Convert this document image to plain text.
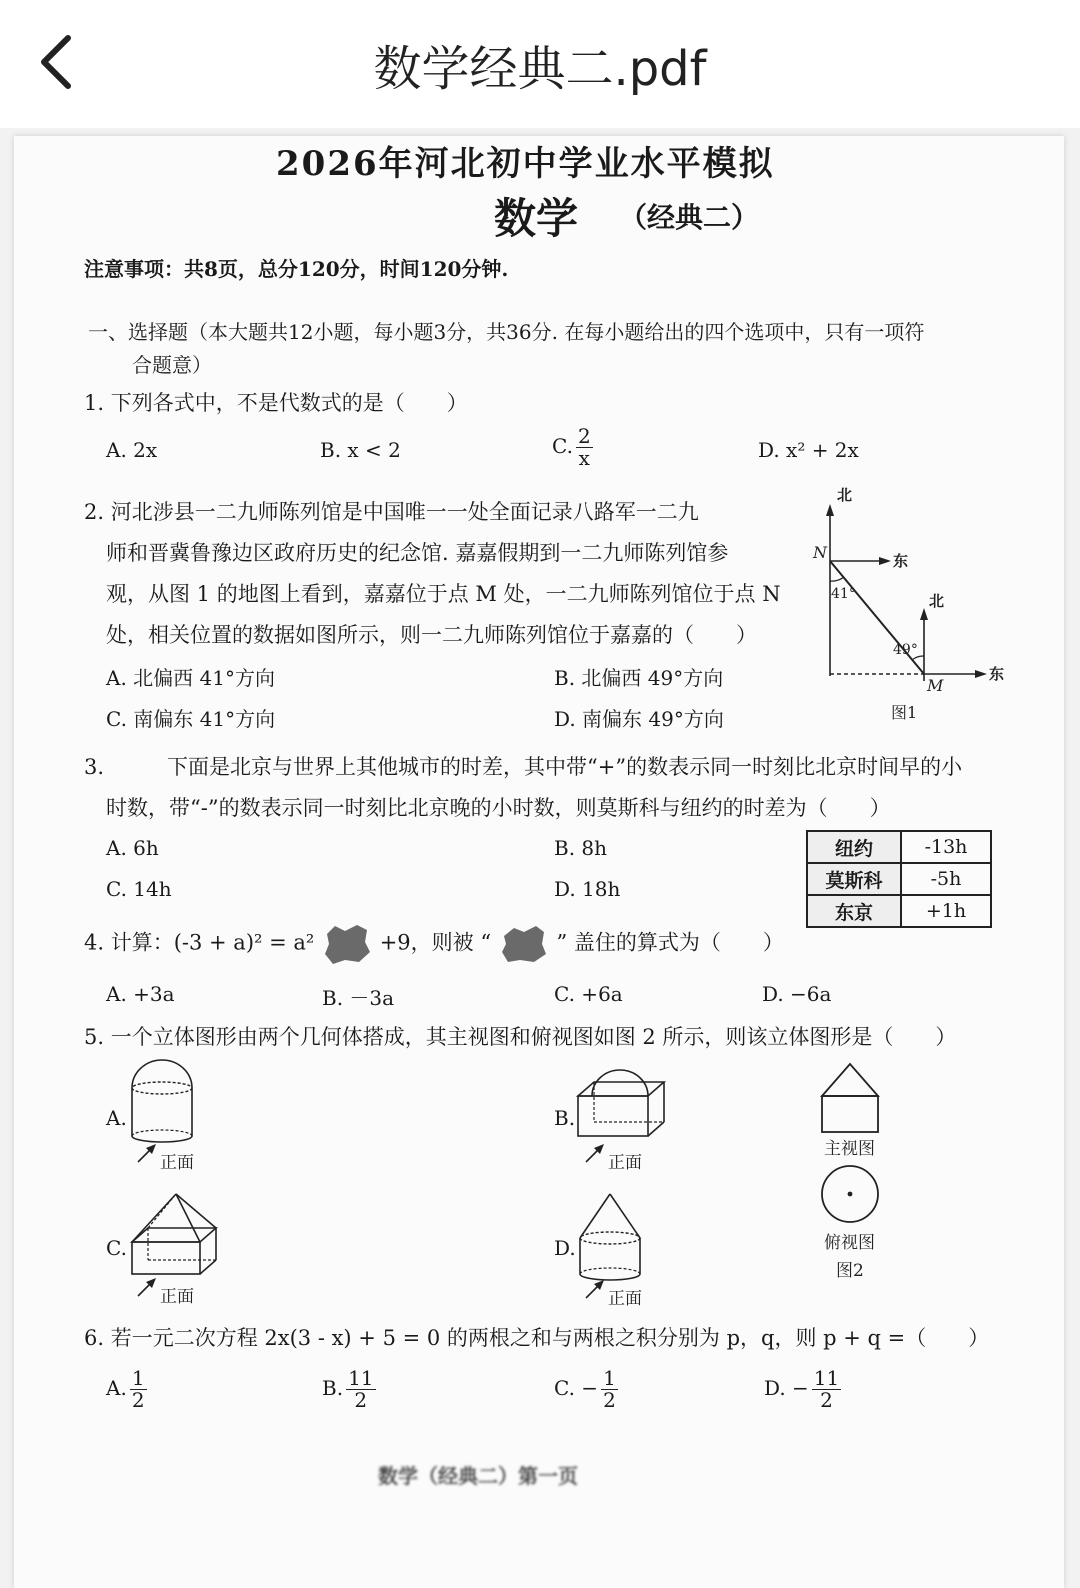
数学经典二.pdf
2026年河北初中学业水平模拟
数学 （经典二）
注意事项：共8页，总分120分，时间120分钟.
一、选择题（本大题共12小题，每小题3分，共36分. 在每小题给出的四个选项中，只有一项符
合题意）
1. 下列各式中，不是代数式的是（　　）
A. 2x	B. x < 2	C. $\frac{2}{x}$	D. x² + 2x
2. 河北涉县一二九师陈列馆是中国唯一一处全面记录八路军一二九
师和晋冀鲁豫边区政府历史的纪念馆. 嘉嘉假期到一二九师陈列馆参
观，从图 1 的地图上看到，嘉嘉位于点 M 处，一二九师陈列馆位于点 N
处，相关位置的数据如图所示，则一二九师陈列馆位于嘉嘉的（　　）
A. 北偏西 41°方向	B. 北偏西 49°方向
C. 南偏东 41°方向	D. 南偏东 49°方向
北
东
N
41°	北
49°
东
M
图1
3.　　　下面是北京与世界上其他城市的时差，其中带“+”的数表示同一时刻比北京时间早的小
时数，带“-”的数表示同一时刻比北京晚的小时数，则莫斯科与纽约的时差为（　　）
A. 6h	B. 8h
C. 14h	D. 18h
纽约	-13h
莫斯科	-5h
东京	+1h
4. 计算：(-3 + a)² = a²	+9，则被 “	” 盖住的算式为（　　）
A. +3a	B. －3a	C. +6a	D. −6a
5. 一个立体图形由两个几何体搭成，其主视图和俯视图如图 2 所示，则该立体图形是（　　）
A.
正面
B.
正面
C.
正面
D.
正面
主视图
俯视图
图2
6. 若一元二次方程 2x(3 - x) + 5 = 0 的两根之和与两根之积分别为 p，q，则 p + q =（　　）
A. $\frac{1}{2}$	B. $\frac{11}{2}$	C. − $\frac{1}{2}$	D. − $\frac{11}{2}$
数学（经典二）第一页
